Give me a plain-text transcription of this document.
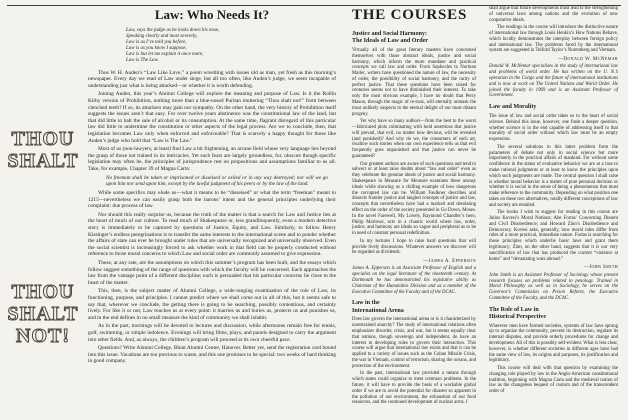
THOU
SHALT
THOU
SHALT
NOT!
Law: Who Needs It?
Law, says the judge as he looks down his nose,
Speaking clearly and most severely,
Law is as I’ve told you before,
Law is as you know I suppose,
Law is but let me explain it once more,
Law is The Law.

Thus W. H. Auden’s “Law Like Love,” a poem wrestling with issues old as man, yet fresh as this morning’s newspaper. Every day we read of Law under siege, but all too often, like Auden’s judge, we seem incapable of understanding just what is being attacked—or whether it is worth defending.

Joining Auden, this year’s Alumni College will explore the meaning and purpose of Law. Is it the Rollin Kirby version of Prohibition, nothing more than a blue-nosed Puritan muttering “Thou shalt not!” from between clenched teeth? If so, its attackers may gain our sympathy. On the other hand, the very history of Prohibition itself suggests the issues aren’t that easy. For over twelve years abstinence was the constitutional law of the land, but that did little to halt the sale of alcohol or its consumption. At the same time, flagrant disregard of this particular law did little to undermine the constitution or other aspects of the legal process. Are we to conclude, then, that legislation becomes Law only when enforced and enforceable? That is scarcely a happy thought for those like Auden’s judge who hold that “Law is The Law.”

Most of us (non-lawyers, at least) find Law a bit frightening, an arcane field whose very language lies beyond the grasp of those not trained in its intricacies. Yet such fears are largely groundless, for, obscure though specific legislation may often be, the principles of jurisprudence rest on propositions and assumptions familiar to us all. Take, for example, Chapter 39 of Magna Carta:

No freeman shall be taken or imprisoned or disseised or exiled or in any way destroyed; nor will we go upon him nor send upon him, except by the lawful judgment of his peers or by the law of the land.

While some specifics may elude us—what it means to be “disseised” or what the term “freeman” meant in 1215—nevertheless we can easily grasp both the barons’ intent and the general principles underlying their complaint: due process of law.

Nor should this really surprise us, because the truth of the matter is that a search for Law and Justice lies at the heart of much of our culture. To read much of Shakespeare or, less grandiloquently, even a modern detective story is immediately to be captured by questions of Justice, Equity, and Law. Similarly, to follow Henry Kissinger’s endless peregrinations is to transfer the same interests to the international scene and to ponder whether the affairs of state can ever be brought under rules that are universally recognized and universally observed. Even the social scientist is increasingly forced to ask whether work in that field can be properly conducted without reference to those moral concerns to which Law and social order are commonly assumed to give expression.

These, at any rate, are the assumptions on which this summer’s program has been built, and the essays which follow suggest something of the range of questions with which the faculty will be concerned. Each approaches the law from the vantage point of a different discipline; each is persuaded that his particular concerns lie close to the heart of the matter.

This, then, is the subject matter of Alumni College, a wide-ranging examination of the role of Law, its functioning, purpose, and principles. I cannot predict where we shall come out in all of this, but it seems safe to say that, wherever we conclude, the getting there is going to be searching, possibly contentious, and certainly lively. For like it or not, Law touches us at every point: it marries us and buries us, protects us and punishes us, and in the end defines in no small measure the kind of community we shall inhabit.

As in the past, mornings will be devoted to lectures and discussion, while afternoons remain free for tennis, golf, swimming, or simple indolence. Evenings will bring films, plays, and panels designed to carry the argument into other fields. And, as always, the children’s program will proceed at its own cheerful pace.

Questions? Write Alumni College, Blunt Alumni Center, Hanover. Better yet, send the registration card bound into this issue. Vacations are too precious to waste, and this one promises to be special: two weeks of hard thinking in good company.

THE COURSES
Justice and Social Harmony:
The Ideals of Law and Order

Virtually all of the great literary masters have concerned themselves with those abstract ideals, justice and social harmony, which inform the more mundane and practical concepts we call law and order. From Sophocles to Norman Mailer, writers have questioned the nature of law, the necessity of order, the possibility of social harmony, and the rarity of perfect justice. That these questions have been raised for centuries seems not to have diminished their interest. To take only the most obvious example, I have no doubt that Perry Mason, through the magic of re-runs, will eternally unmask the most unlikely suspects to the eternal delight of our most distant progeny.

Yet why have so many authors—from the best to the worst—fabricated plots culminating with bold assertions that justice will prevail, that evil, no matter how devious, will be revealed (and punished)? And why do we, the consumers of such art, swallow such stories when our own experience tells us that evil frequently goes unpunished and that justice can never be guaranteed?

Our greatest authors are aware of such questions and tend to subvert or at least raise doubts about “law and order” even as they celebrate the genuine ideals of justice and social harmony. Shakespeare in Measure for Measure examines these uneasy ideals while showing us a chilling example of how dangerous the corrupted law can be. William Faulkner describes and dissects frontier justice and tangled concepts of justice and law, concepts that nevertheless have had a marked and desolating effect on the order of the society presented in Go Down, Moses. In the novel Farewell, My Lovely, Raymond Chandler’s hero, Philip Marlowe, acts in a chaotic world where law, order, justice, and harmony are ideals so vague and peripheral as to be in need of constant personal redefinition.

In my lectures I hope to raise hard questions that will provide lively discussions. Whatever answers we discover will be regarded as dividends.

—James A. Epperson

James A. Epperson is an Associate Professor of English and a specialist on the legal literature of the nineteenth century. At Dartmouth he has demonstrated his legislative ability as Chairman of the Humanities Division and as a member of the Executive Committee of the Faculty and of the DCAC.

Law in the
International Arena

Does law govern the international arena or is it characterized by unrestrained anarchy? The study of international relations often emphasizes disorder, crisis, and war, but it seems equally clear that nations, though sovereign and independent, do have an interest in developing rules to govern their interaction. This course will argue that international law exists and that it can be applied to a variety of issues such as the Cuban Missile Crisis, the war in Vietnam, control of terrorism, sharing the oceans, and protection of the environment.

In the past, international law provided a means through which states could organize to meet common problems. In the future, it will have to provide the basis of a workable global order if we are to avoid the potential for disaster so apparent in the pollution of our environment, the exhaustion of our food resources, and the continued development of nuclear arms. I

shall argue that future developments must lead to the strengthening of universal laws among nations and the evolution of new cooperative ideals.

The readings in the course will introduce the distinctive nature of international law through Louis Henkin’s How Nations Behave, which lucidly demonstrates the interplay between foreign policy and international law. The problems faced by the international system are suggested in Telford Taylor’s Nuremberg and Vietnam.

—Donald W. McNemar

Donald W. McNemar specializes in the study of international law and problems of world order. He has written on the U. N.’s operation in the Congo and the future of international institutions and is now at work on The United Nations and World Order. He joined the faculty in 1969 and is an Assistant Professor of Government.

Law and Morality

The issue of law and social order takes us to the heart of social science. Behind this issue, however, one finds a deeper question, whether science is in the end capable of addressing itself to that morality of social order without which law must be an empty expression.

The several solutions to this latter problem form the parameters of debate not only in social science but more importantly in the practical affairs of mankind. For without some confidence in the status of evaluative behavior we are at a loss to make rational judgments or at least to know the principles upon which such judgments are made. The central question I shall raise is whether moral behavior is a matter of pure personal decision or whether it is social in the sense of being a phenomenon that must make reference to the community. Depending on what position one takes on these two alternatives, totally different conceptions of law and society are entailed.

The books I wish to suggest for reading in this course are Julius Kovesi’s Moral Notions; Abe Fortas’ Concerning Dissent and Civil Disobedience; and Howard Zinn’s Disobedience and Democracy. Kovesi asks, generally, how moral rules differ from rules of a more practical, immediate nature. Fortas is searching for those principles which underlie basic laws and grant them legitimacy; Zinn, on the other hand, suggests that it is our very sanctification of law that has produced the current “violence at home” and “devastating wars abroad.”

—John Smith

John Smith is an Assistant Professor of Sociology whose present research focuses on problems related to penology. Trained in Moral Philosophy as well as in Sociology, he serves on the Governor’s Commission on Prison Reform, the Executive Committee of the Faculty, and the DCAC.

The Role of Law in
Historical Perspective

Wherever men have formed societies, systems of law have sprung up to organize the community, prevent its destruction, regulate its internal disputes, and provide orderly procedures for change and development. All of this is possibly self-evident. What is less clear, however, is whether different societies in different ages have had the same view of law, its origins and purposes, its justification and legitimacy.

This course will deal with that question by examining the changing role played by law in the Anglo-American constitutional tradition, beginning with Magna Carta and the medieval notion of law as the changeless bequest of custom and of the transcendent order of
